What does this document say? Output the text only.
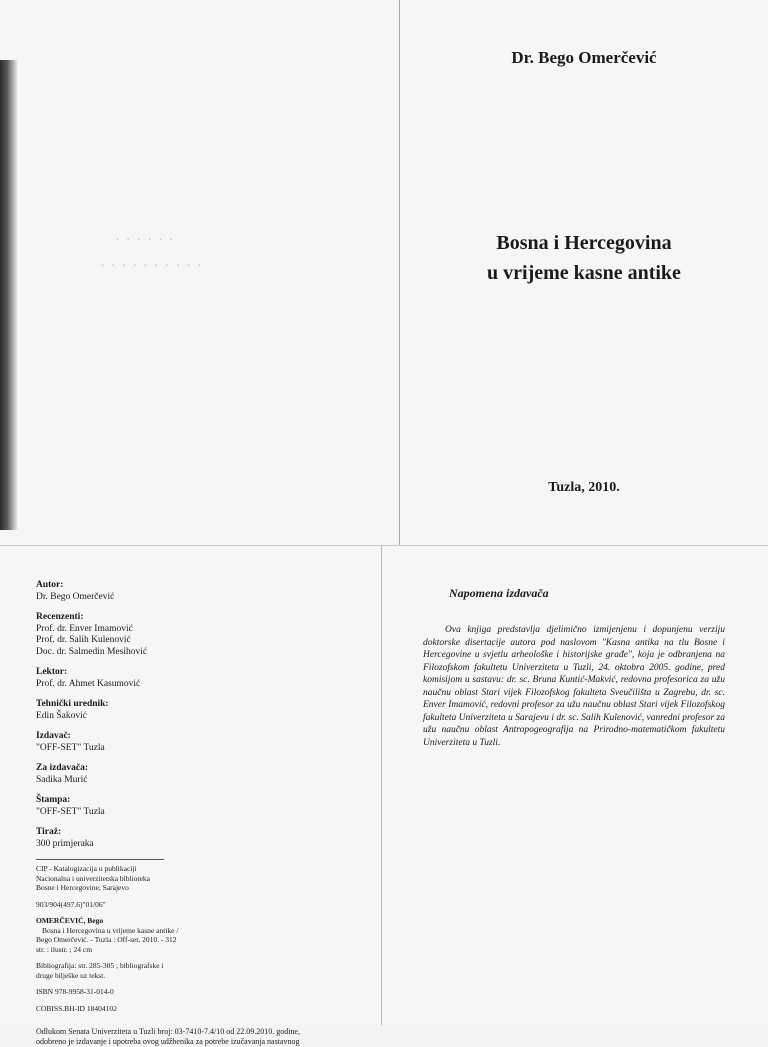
· · · · · ·
· · · · · · · · · ·
Dr. Bego Omerčević
Bosna i Hercegovina
u vrijeme kasne antike
Tuzla, 2010.
Autor:
Dr. Bego Omerčević
Recenzenti:
Prof. dr. Enver Imamović
Prof. dr. Salih Kulenović
Doc. dr. Salmedin Mesihović
Lektor:
Prof. dr. Ahmet Kasumović
Tehnički urednik:
Edin Šaković
Izdavač:
"OFF-SET" Tuzla
Za izdavača:
Sadika Murić
Štampa:
"OFF-SET" Tuzla
Tiraž:
300 primjeraka
CIP - Katalogizacija u publikaciji
Nacionalna i univerzitetska biblioteka
Bosne i Hercegovine, Sarajevo
903/904(497.6)"01/06"
OMERČEVIĆ, Bego
Bosna i Hercegovina u vrijeme kasne antike /
Bego Omerčević. - Tuzla : Off-set, 2010. - 312
str. : ilustr. ; 24 cm
Bibliografija: str. 285-305 ; bibliografske i
druge bilješke uz tekst.
ISBN 978-9958-31-014-0
COBISS.BH-ID 18404102
Odlukom Senata Univerziteta u Tuzli broj: 03-7410-7.4/10 od 22.09.2010. godine,
odobreno je izdavanje i upotreba ovog udžbenika za potrebe izučavanja nastavnog
Napomena izdavača
Ova knjiga predstavlja djelimično izmijenjenu i dopunjenu verziju doktorske disertacije autora pod naslovom "Kasna antika na tlu Bosne i Hercegovine u svjetlu arheološke i historijske građe", koja je odbranjena na Filozofskom fakultetu Univerziteta u Tuzli, 24. oktobra 2005. godine, pred komisijom u sastavu: dr. sc. Bruna Kuntić-Makvić, redovna profesorica za užu naučnu oblast Stari vijek Filozofskog fakulteta Sveučilišta u Zagrebu, dr. sc. Enver Imamović, redovni profesor za užu naučnu oblast Stari vijek Filozofskog fakulteta Univerziteta u Sarajevu i dr. sc. Salih Kulenović, vanredni profesor za užu naučnu oblast Antropogeografija na Prirodno-matematičkom fakultetu Univerziteta u Tuzli.
